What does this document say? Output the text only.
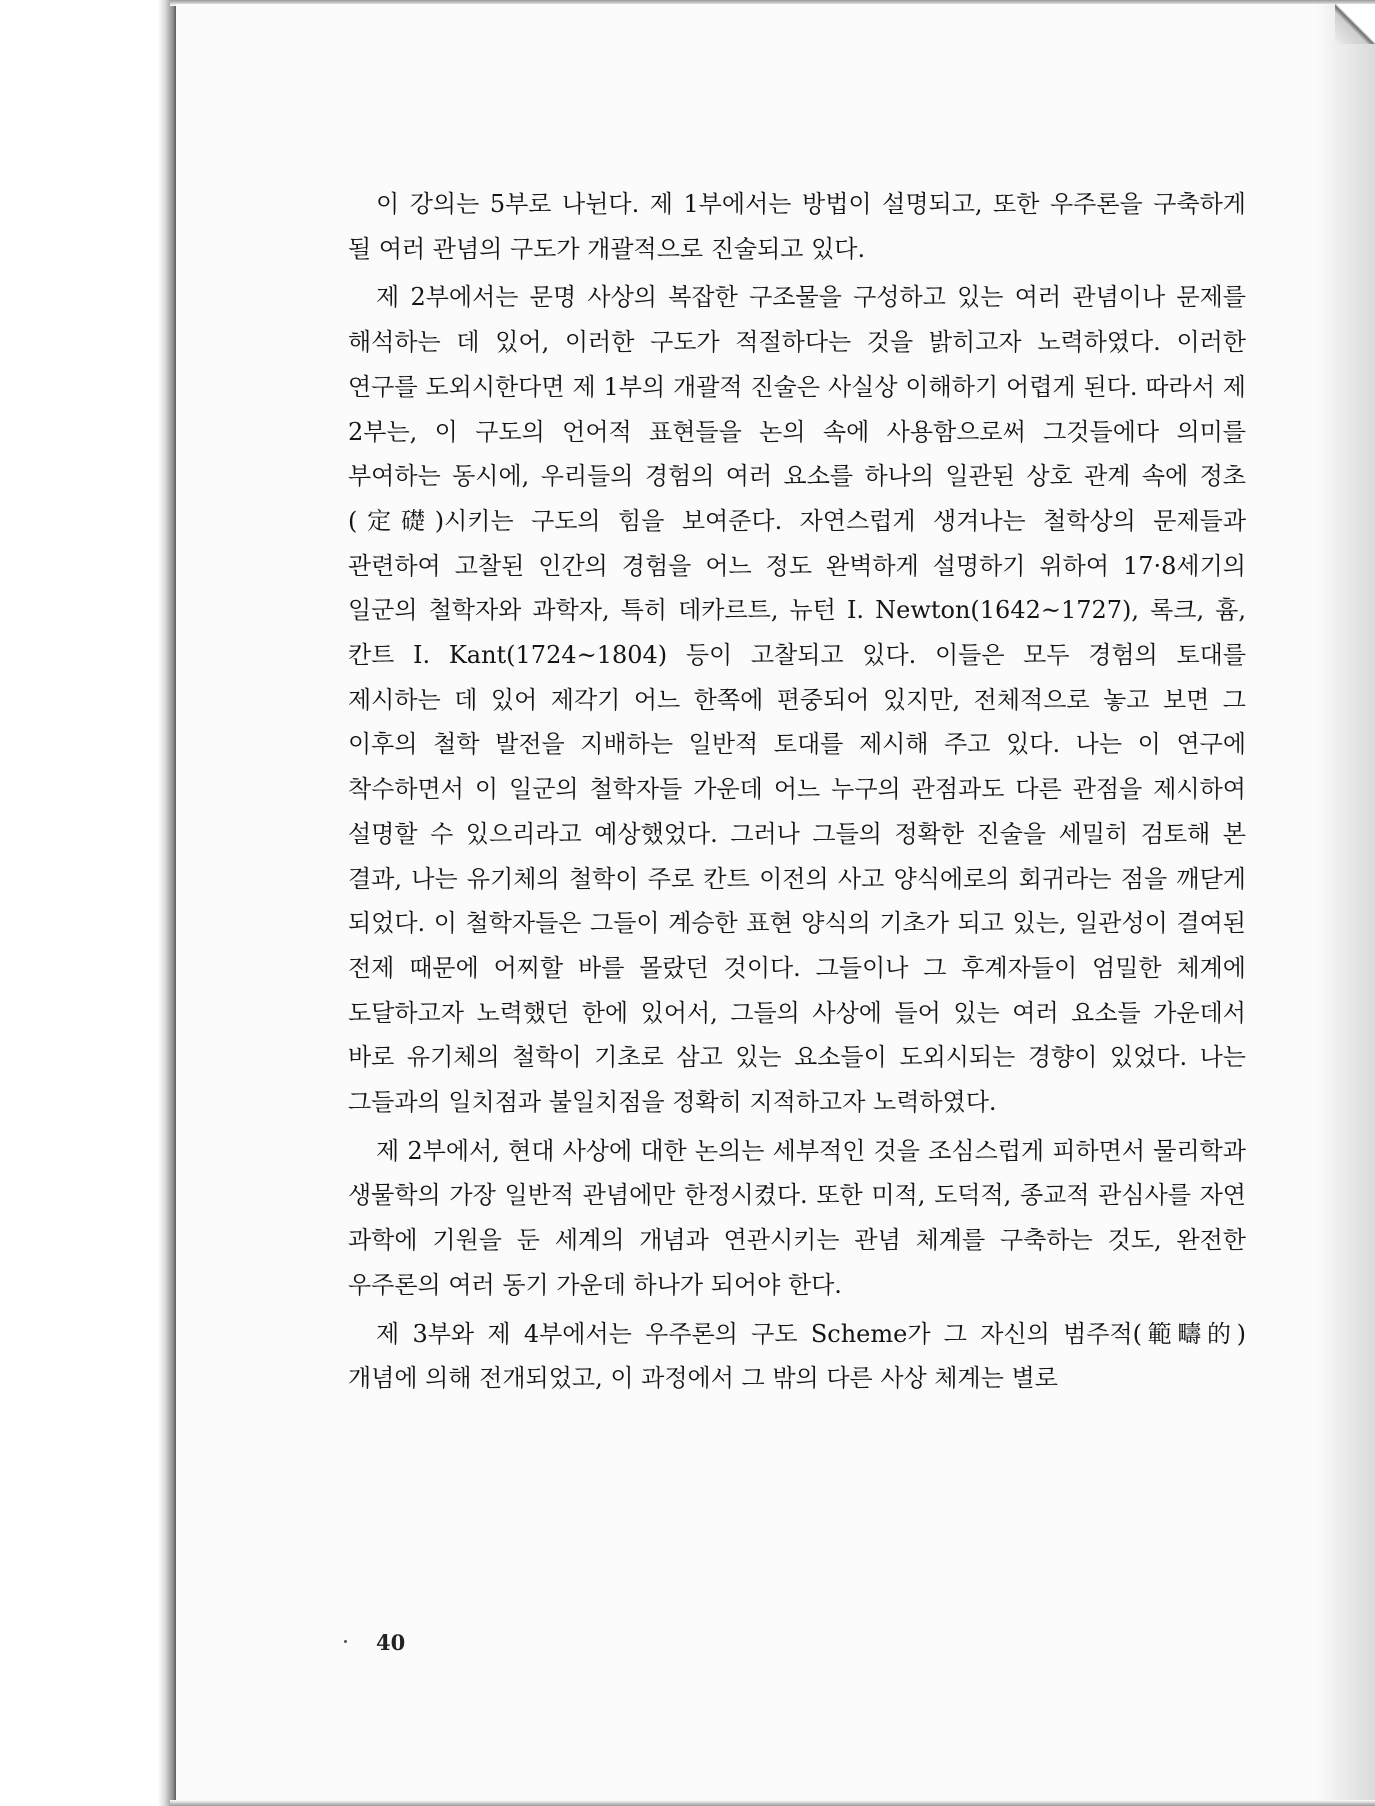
이 강의는 5부로 나뉜다. 제 1부에서는 방법이 설명되고, 또한 우주론을 구축하게 될 여러 관념의 구도가 개괄적으로 진술되고 있다.

제 2부에서는 문명 사상의 복잡한 구조물을 구성하고 있는 여러 관념이나 문제를 해석하는 데 있어, 이러한 구도가 적절하다는 것을 밝히고자 노력하였다. 이러한 연구를 도외시한다면 제 1부의 개괄적 진술은 사실상 이해하기 어렵게 된다. 따라서 제 2부는, 이 구도의 언어적 표현들을 논의 속에 사용함으로써 그것들에다 의미를 부여하는 동시에, 우리들의 경험의 여러 요소를 하나의 일관된 상호 관계 속에 정초(定礎)시키는 구도의 힘을 보여준다. 자연스럽게 생겨나는 철학상의 문제들과 관련하여 고찰된 인간의 경험을 어느 정도 완벽하게 설명하기 위하여 17·8세기의 일군의 철학자와 과학자, 특히 데카르트, 뉴턴 I. Newton(1642~1727), 록크, 흄, 칸트 I. Kant(1724~1804) 등이 고찰되고 있다. 이들은 모두 경험의 토대를 제시하는 데 있어 제각기 어느 한쪽에 편중되어 있지만, 전체적으로 놓고 보면 그 이후의 철학 발전을 지배하는 일반적 토대를 제시해 주고 있다. 나는 이 연구에 착수하면서 이 일군의 철학자들 가운데 어느 누구의 관점과도 다른 관점을 제시하여 설명할 수 있으리라고 예상했었다. 그러나 그들의 정확한 진술을 세밀히 검토해 본 결과, 나는 유기체의 철학이 주로 칸트 이전의 사고 양식에로의 회귀라는 점을 깨닫게 되었다. 이 철학자들은 그들이 계승한 표현 양식의 기초가 되고 있는, 일관성이 결여된 전제 때문에 어찌할 바를 몰랐던 것이다. 그들이나 그 후계자들이 엄밀한 체계에 도달하고자 노력했던 한에 있어서, 그들의 사상에 들어 있는 여러 요소들 가운데서 바로 유기체의 철학이 기초로 삼고 있는 요소들이 도외시되는 경향이 있었다. 나는 그들과의 일치점과 불일치점을 정확히 지적하고자 노력하였다.

제 2부에서, 현대 사상에 대한 논의는 세부적인 것을 조심스럽게 피하면서 물리학과 생물학의 가장 일반적 관념에만 한정시켰다. 또한 미적, 도덕적, 종교적 관심사를 자연 과학에 기원을 둔 세계의 개념과 연관시키는 관념 체계를 구축하는 것도, 완전한 우주론의 여러 동기 가운데 하나가 되어야 한다.

제 3부와 제 4부에서는 우주론의 구도 Scheme가 그 자신의 범주적(範疇的) 개념에 의해 전개되었고, 이 과정에서 그 밖의 다른 사상 체계는 별로

40
